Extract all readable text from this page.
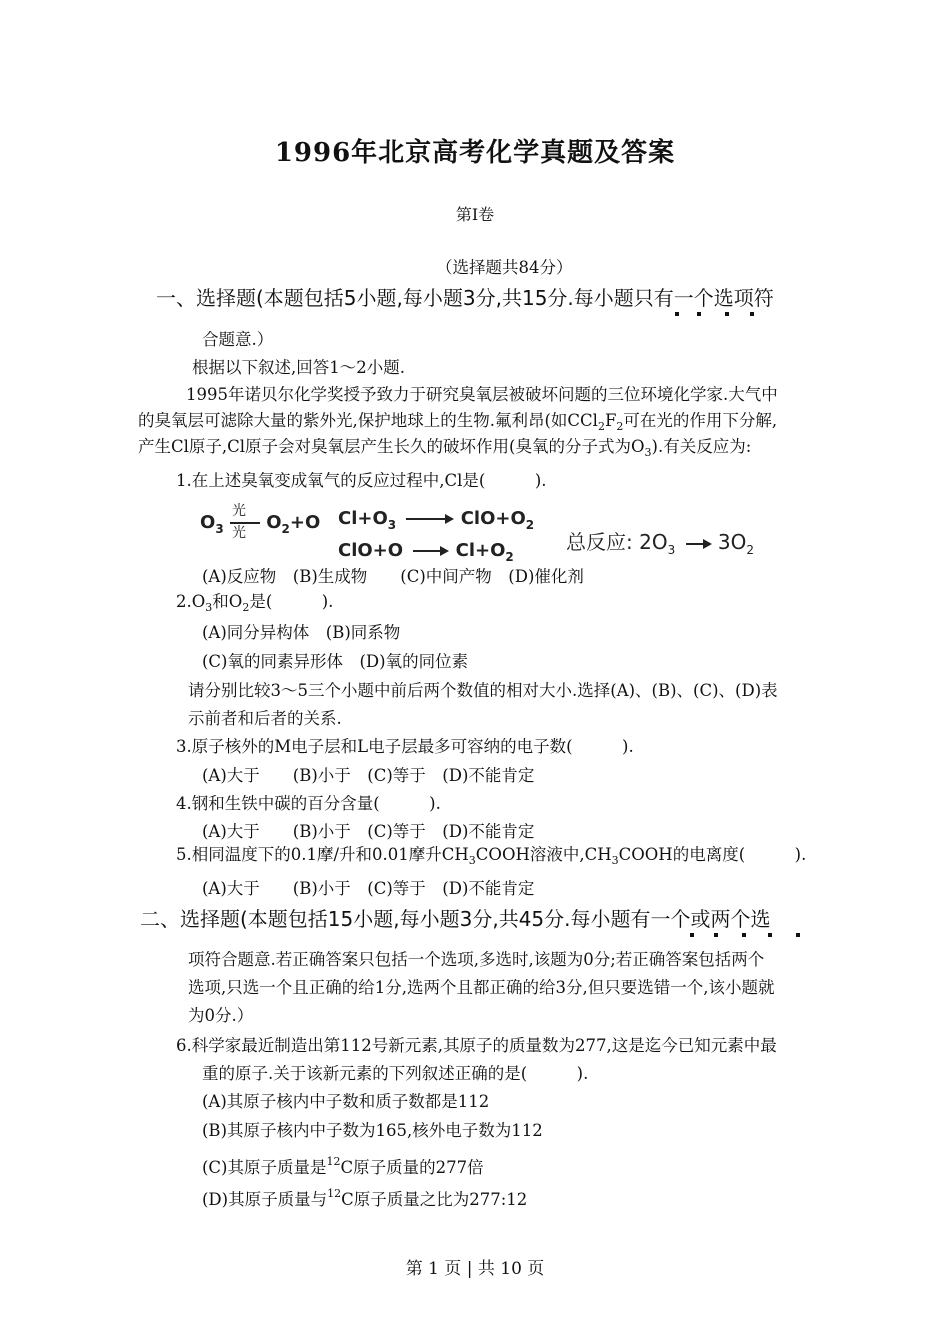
1996年北京高考化学真题及答案
第I卷
（选择题共84分）
一、选择题(本题包括5小题,每小题3分,共15分.每小题只有一个选项符
合题意.）
根据以下叙述,回答1～2小题.
1995年诺贝尔化学奖授予致力于研究臭氧层被破坏问题的三位环境化学家.大气中
的臭氧层可滤除大量的紫外光,保护地球上的生物.氟利昂(如$CCl_2F_2$可在光的作用下分解,
产生Cl原子,Cl原子会对臭氧层产生长久的破坏作用(臭氧的分子式为$O_3$).有关反应为:
1.在上述臭氧变成氧气的反应过程中,Cl是(　　　).
$O_3 \frac{\text{光}}{\text{光}} O_2+O$ $Cl+O_3$	$ClO+O_2$
ClO+O	$Cl+O_2$
总反应: $2O_3$ $3O_2$
(A)反应物　(B)生成物　　(C)中间产物　(D)催化剂
$2.O_3$和$O_2$是(　　　).
(A)同分异构体　(B)同系物
(C)氧的同素异形体　(D)氧的同位素
请分别比较3～5三个小题中前后两个数值的相对大小.选择(A)、(B)、(C)、(D)表
示前者和后者的关系.
3.原子核外的M电子层和L电子层最多可容纳的电子数(　　　).
(A)大于　　(B)小于　(C)等于　(D)不能肯定
4.钢和生铁中碳的百分含量(　　　).
(A)大于　　(B)小于　(C)等于　(D)不能肯定
5.相同温度下的0.1摩/升和0.01摩升$CH_3COOH$溶液中$,CH_3COOH$的电离度(　　　).
(A)大于　　(B)小于　(C)等于　(D)不能肯定
二、选择题(本题包括15小题,每小题3分,共45分.每小题有一个或两个选
项符合题意.若正确答案只包括一个选项,多选时,该题为0分;若正确答案包括两个
选项,只选一个且正确的给1分,选两个且都正确的给3分,但只要选错一个,该小题就
为0分.）
6.科学家最近制造出第112号新元素,其原子的质量数为277,这是迄今已知元素中最
重的原子.关于该新元素的下列叙述正确的是(　　　).
(A)其原子核内中子数和质子数都是112
(B)其原子核内中子数为165,核外电子数为112
(C)其原子质量是$^{12}$C原子质量的277倍
(D)其原子质量与$^{12}$C原子质量之比为277:12
第 1 页 | 共 10 页
